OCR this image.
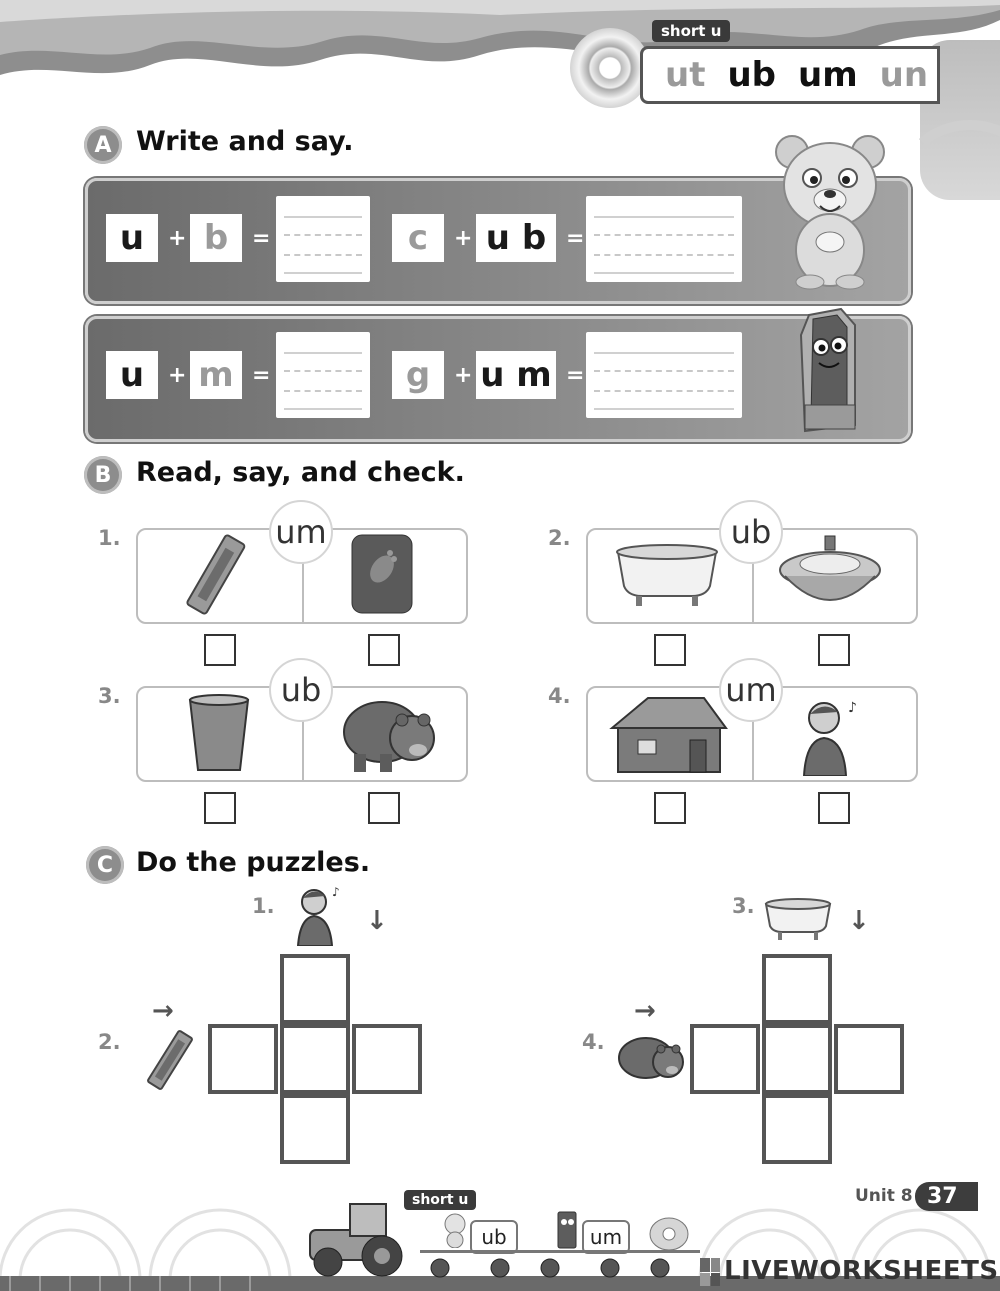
ut ub um un
short u
A Write and say.
u	+ b	=	c	+ u b =
u	+ m =	g	+ u m =
B Read, say, and check.
1.	um	2.	ub
3.	ub	4.	um	♪
C Do the puzzles.
1.
♪
↓
2.
→
3.	↓
4.
→
short u
ub	um
Unit 8 37
LIVEWORKSHEETS
